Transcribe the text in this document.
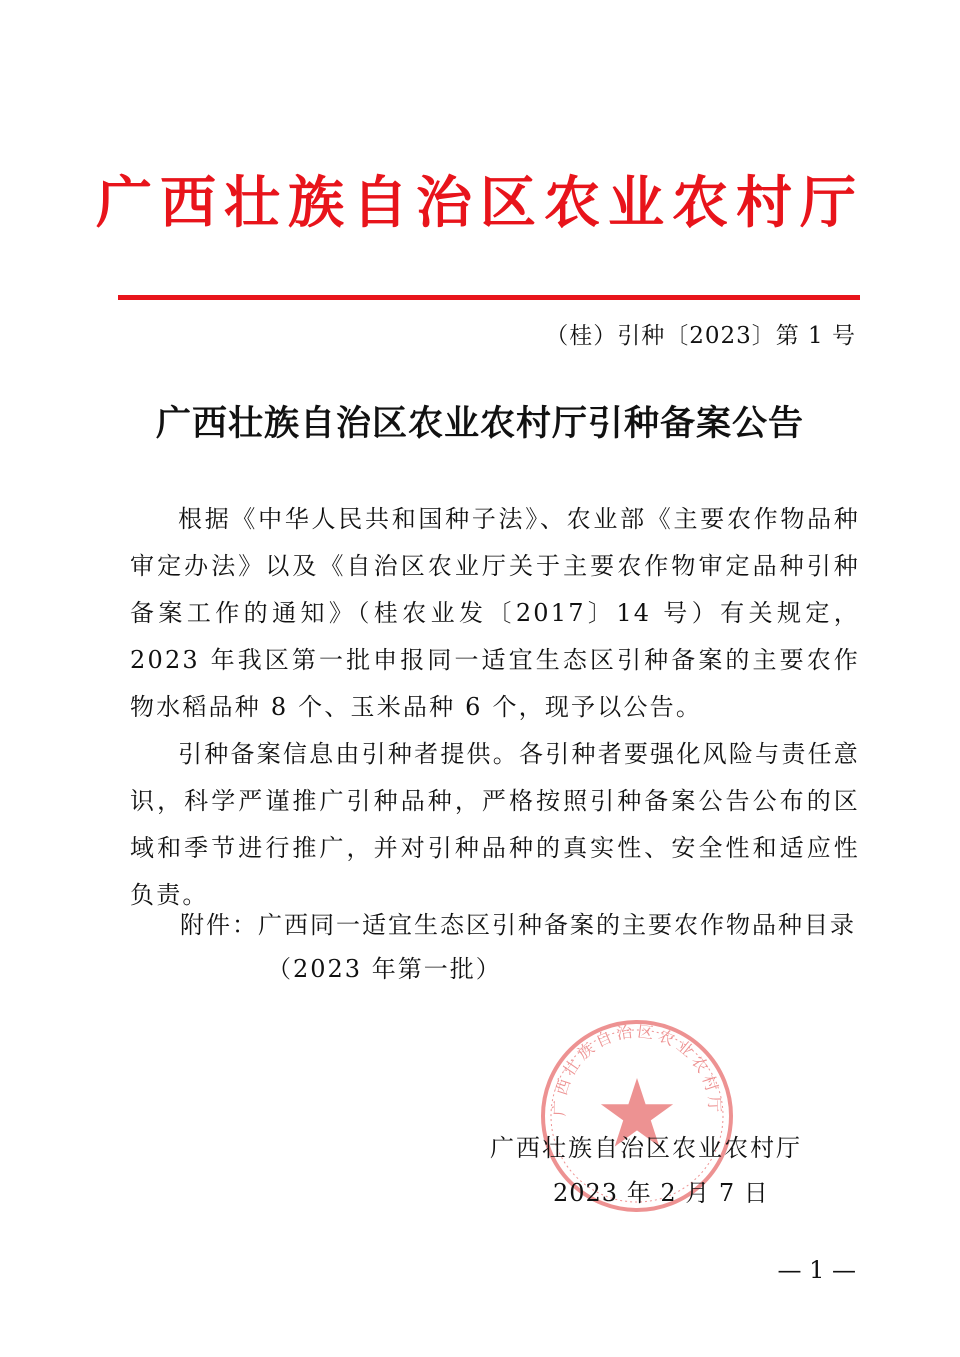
广西壮族自治区农业农村厅
（桂）引种〔2023〕第 1 号
广西壮族自治区农业农村厅引种备案公告

根据《中华人民共和国种子法》、农业部《主要农作物品种审定办法》以及《自治区农业厅关于主要农作物审定品种引种备案工作的通知》（桂农业发〔2017〕14 号）有关规定，2023 年我区第一批申报同一适宜生态区引种备案的主要农作物水稻品种 8 个、玉米品种 6 个，现予以公告。

引种备案信息由引种者提供。各引种者要强化风险与责任意识，科学严谨推广引种品种，严格按照引种备案公告公布的区域和季节进行推广，并对引种品种的真实性、安全性和适应性负责。

附件：广西同一适宜生态区引种备案的主要农作物品种目录
（2023 年第一批）
广西壮族自治区农业农村厅
广西壮族自治区农业农村厅
2023 年 2 月 7 日
— 1 —
